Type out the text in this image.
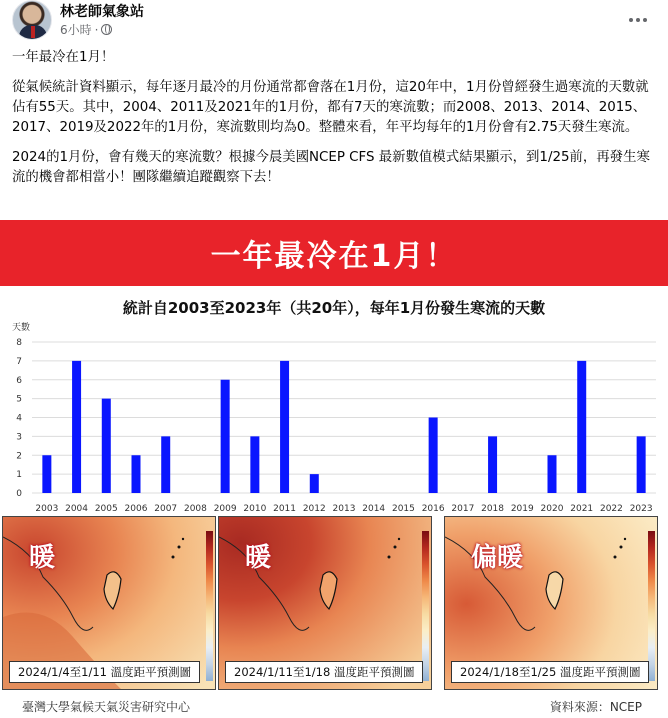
林老師氣象站
6小時 ·

一年最冷在1月！

從氣候統計資料顯示，每年逐月最冷的月份通常都會落在1月份，這20年中，1月份曾經發生過寒流的天數就佔有55天。其中，2004、2011及2021年的1月份，都有7天的寒流數；而2008、2013、2014、2015、2017、2019及2022年的1月份，寒流數則均為0。整體來看，年平均每年的1月份會有2.75天發生寒流。

2024的1月份，會有幾天的寒流數？根據今晨美國NCEP CFS 最新數值模式結果顯示，到1/25前，再發生寒流的機會都相當小！團隊繼續追蹤觀察下去！

一年最冷在1月！
統計自2003至2023年（共20年），每年1月份發生寒流的天數
天數
0
1
2
3
4
5
6
7
8
2003 2004 2005 2006 2007 2008 2009 2010 2011 2012 2013 2014 2015 2016 2017 2018 2019 2020 2021 2022 2023
暖
2024/1/4至1/11 溫度距平預測圖
暖
2024/1/11至1/18 溫度距平預測圖
偏暖
2024/1/18至1/25 溫度距平預測圖
臺灣大學氣候天氣災害研究中心	資料來源：NCEP
